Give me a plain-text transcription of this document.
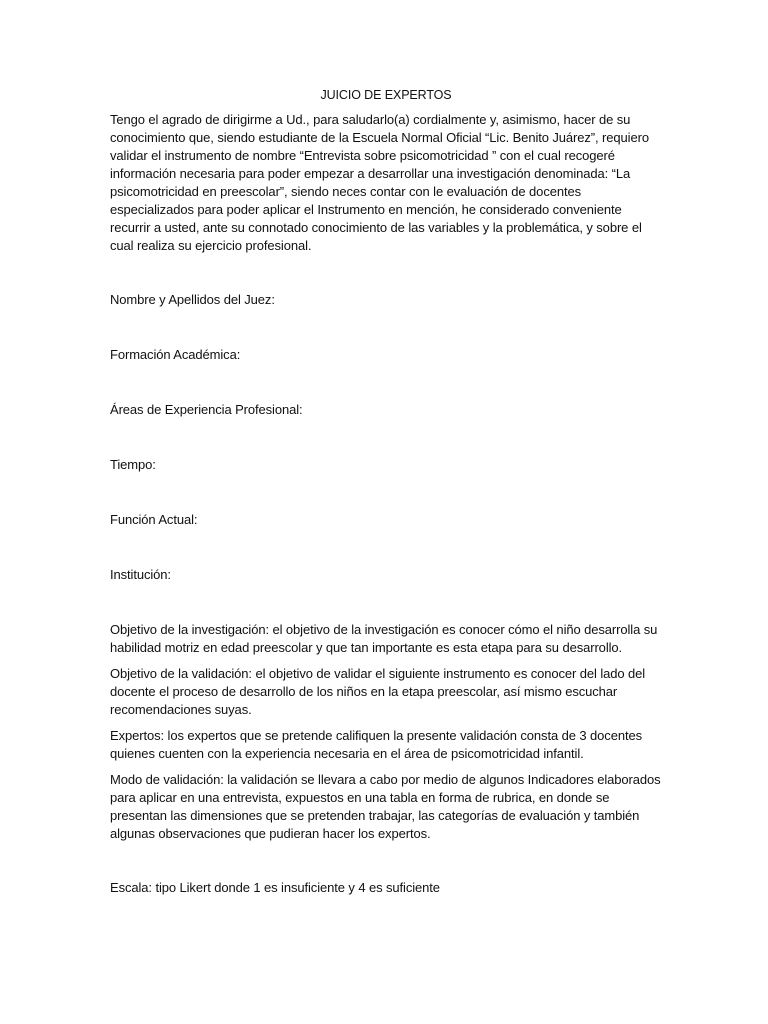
JUICIO DE EXPERTOS

Tengo el agrado de dirigirme a Ud., para saludarlo(a) cordialmente y, asimismo, hacer de su conocimiento que, siendo estudiante de la Escuela Normal Oficial “Lic. Benito Juárez”, requiero validar el instrumento de nombre “Entrevista sobre psicomotricidad ” con el cual recogeré información necesaria para poder empezar a desarrollar una investigación denominada: “La psicomotricidad en preescolar”, siendo neces contar con le evaluación de docentes especializados para poder aplicar el Instrumento en mención, he considerado conveniente recurrir a usted, ante su connotado conocimiento de las variables y la problemática, y sobre el cual realiza su ejercicio profesional.

Nombre y Apellidos del Juez:

Formación Académica:

Áreas de Experiencia Profesional:

Tiempo:

Función Actual:

Institución:

Objetivo de la investigación: el objetivo de la investigación es conocer cómo el niño desarrolla su habilidad motriz en edad preescolar y que tan importante es esta etapa para su desarrollo.

Objetivo de la validación: el objetivo de validar el siguiente instrumento es conocer del lado del docente el proceso de desarrollo de los niños en la etapa preescolar, así mismo escuchar recomendaciones suyas.

Expertos: los expertos que se pretende califiquen la presente validación consta de 3 docentes quienes cuenten con la experiencia necesaria en el área de psicomotricidad infantil.

Modo de validación: la validación se llevara a cabo por medio de algunos Indicadores elaborados para aplicar en una entrevista, expuestos en una tabla en forma de rubrica, en donde se presentan las dimensiones que se pretenden trabajar, las categorías de evaluación y también algunas observaciones que pudieran hacer los expertos.

Escala: tipo Likert donde 1 es insuficiente y 4 es suficiente
